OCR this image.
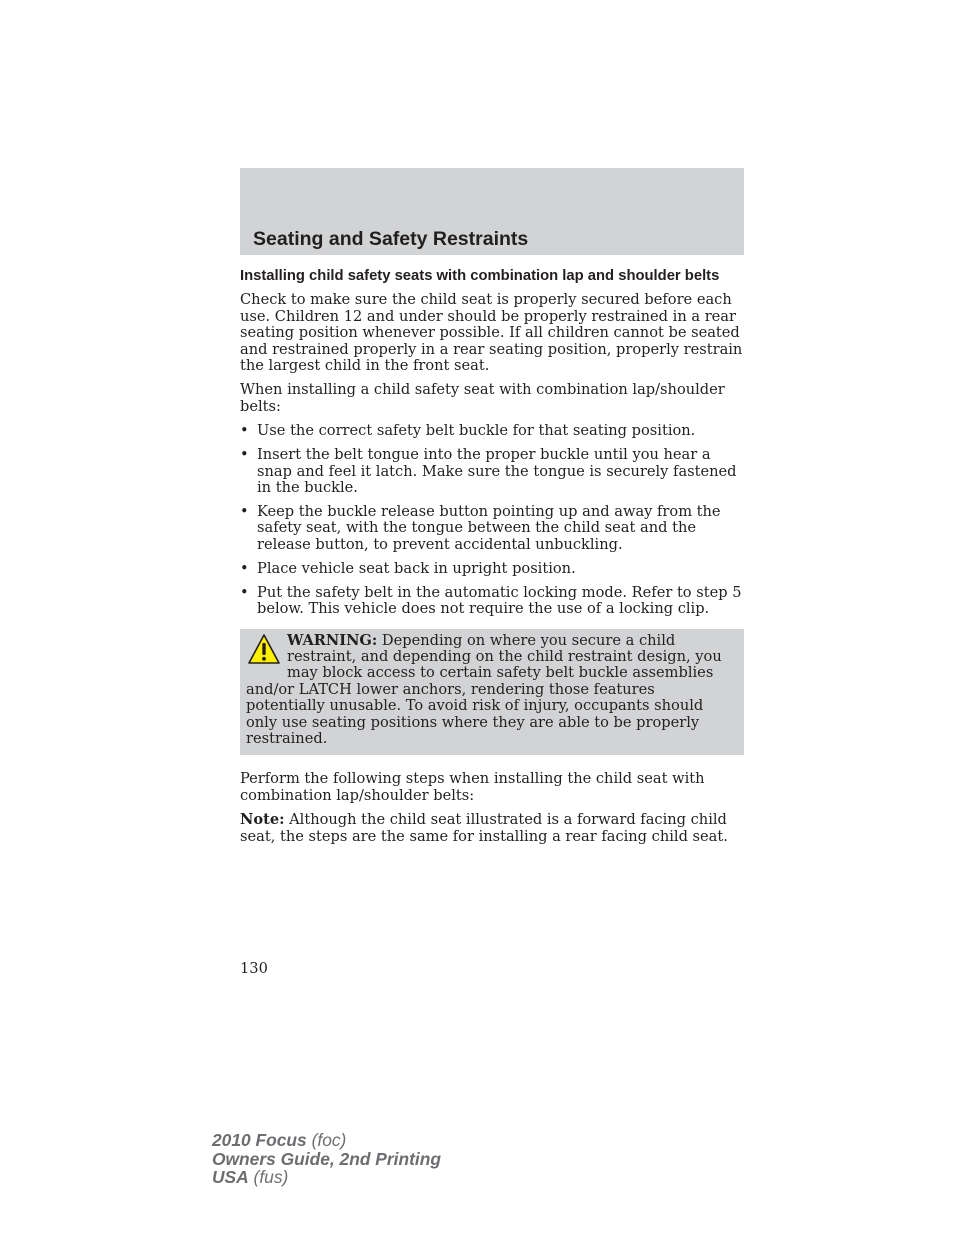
Seating and Safety Restraints
Installing child safety seats with combination lap and shoulder belts

Check to make sure the child seat is properly secured before each use. Children 12 and under should be properly restrained in a rear seating position whenever possible. If all children cannot be seated and restrained properly in a rear seating position, properly restrain the largest child in the front seat.

When installing a child safety seat with combination lap/shoulder belts:

• Use the correct safety belt buckle for that seating position.
• Insert the belt tongue into the proper buckle until you hear a snap and feel it latch. Make sure the tongue is securely fastened in the buckle.
• Keep the buckle release button pointing up and away from the safety seat, with the tongue between the child seat and the release button, to prevent accidental unbuckling.
• Place vehicle seat back in upright position.
• Put the safety belt in the automatic locking mode. Refer to step 5 below. This vehicle does not require the use of a locking clip.
WARNING: Depending on where you secure a child restraint, and depending on the child restraint design, you may block access to certain safety belt buckle assemblies and/or LATCH lower anchors, rendering those features potentially unusable. To avoid risk of injury, occupants should only use seating positions where they are able to be properly restrained.

Perform the following steps when installing the child seat with combination lap/shoulder belts:

Note: Although the child seat illustrated is a forward facing child seat, the steps are the same for installing a rear facing child seat.

130
2010 Focus (foc)
Owners Guide, 2nd Printing
USA (fus)
